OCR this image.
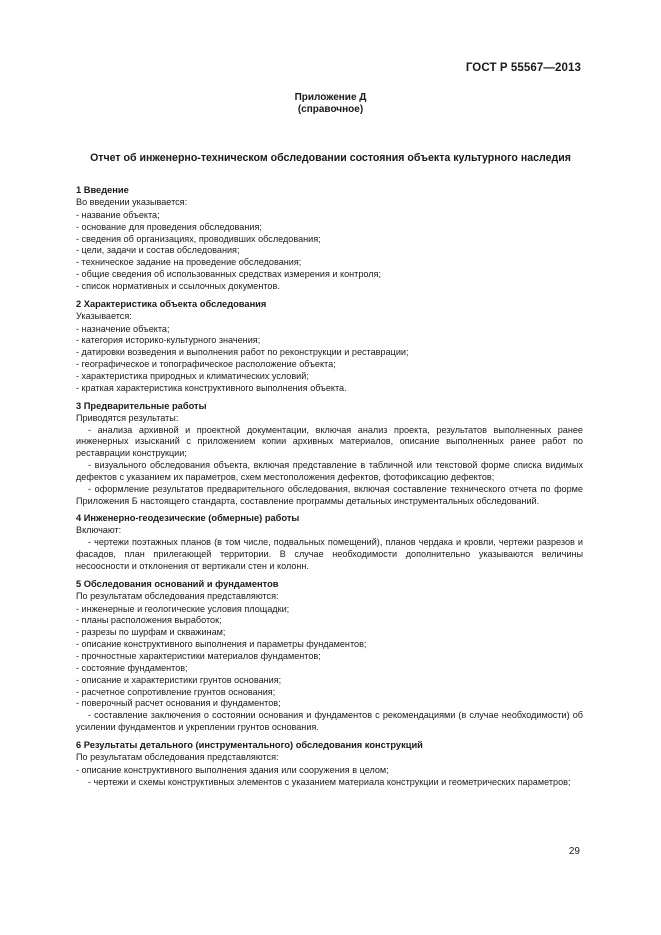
ГОСТ Р 55567—2013
Приложение Д
(справочное)
Отчет об инженерно-техническом обследовании состояния объекта культурного наследия
1 Введение
Во введении указывается:
- название объекта;
- основание для проведения обследования;
- сведения об организациях, проводивших обследования;
- цели, задачи и состав обследования;
- техническое задание на проведение обследования;
- общие сведения об использованных средствах измерения и контроля;
- список нормативных и ссылочных документов.
2 Характеристика объекта обследования
Указывается:
- назначение объекта;
- категория историко-культурного значения;
- датировки возведения и выполнения работ по реконструкции и реставрации;
- географическое и топографическое расположение объекта;
- характеристика природных и климатических условий;
- краткая характеристика конструктивного выполнения объекта.
3 Предварительные работы
Приводятся результаты:

- анализа архивной и проектной документации, включая анализ проекта, результатов выполненных ранее инженерных изысканий с приложением копии архивных материалов, описание выполненных ранее работ по реставрации конструкции;

- визуального обследования объекта, включая представление в табличной или текстовой форме списка видимых дефектов с указанием их параметров, схем местоположения дефектов, фотофиксацию дефектов;

- оформление результатов предварительного обследования, включая составление технического отчета по форме Приложения Б настоящего стандарта, составление программы детальных инструментальных обследований.

4 Инженерно-геодезические (обмерные) работы
Включают:

- чертежи поэтажных планов (в том числе, подвальных помещений), планов чердака и кровли, чертежи разрезов и фасадов, план прилегающей территории. В случае необходимости дополнительно указываются величины несоосности и отклонения от вертикали стен и колонн.

5 Обследования оснований и фундаментов
По результатам обследования представляются:
- инженерные и геологические условия площадки;
- планы расположения выработок;
- разрезы по шурфам и скважинам;
- описание конструктивного выполнения и параметры фундаментов;
- прочностные характеристики материалов фундаментов;
- состояние фундаментов;
- описание и характеристики грунтов основания;
- расчетное сопротивление грунтов основания;
- поверочный расчет основания и фундаментов;

- составление заключения о состоянии основания и фундаментов с рекомендациями (в случае необходимости) об усилении фундаментов и укреплении грунтов основания.

6 Результаты детального (инструментального) обследования конструкций
По результатам обследования представляются:
- описание конструктивного выполнения здания или сооружения в целом;

- чертежи и схемы конструктивных элементов с указанием материала конструкции и геометрических параметров;

29
